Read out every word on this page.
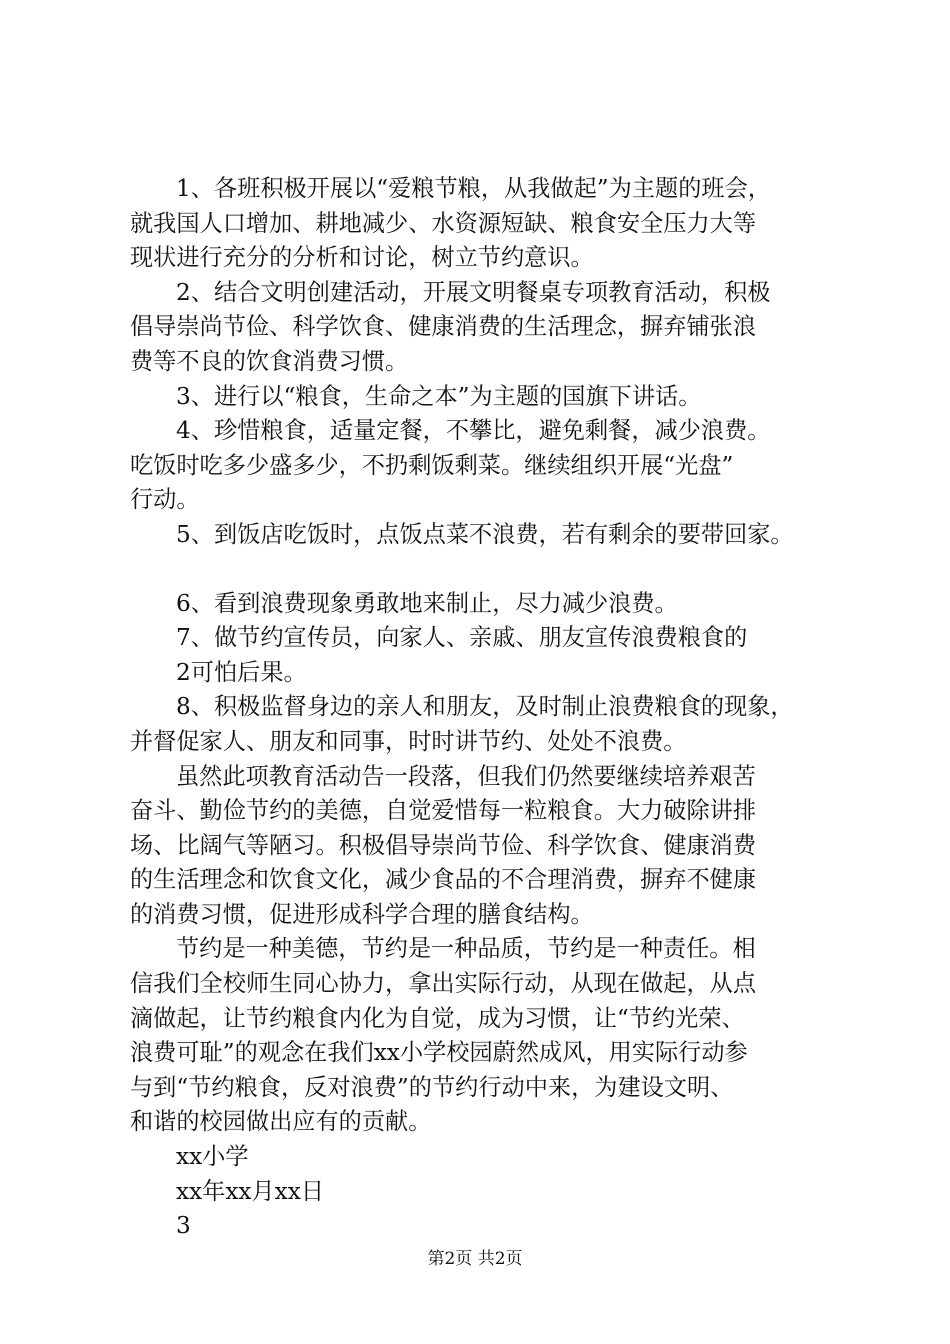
1、各班积极开展以“爱粮节粮，从我做起”为主题的班会，

就我国人口增加、耕地减少、水资源短缺、粮食安全压力大等

现状进行充分的分析和讨论，树立节约意识。

2、结合文明创建活动，开展文明餐桌专项教育活动，积极

倡导崇尚节俭、科学饮食、健康消费的生活理念，摒弃铺张浪

费等不良的饮食消费习惯。

3、进行以“粮食，生命之本”为主题的国旗下讲话。

4、珍惜粮食，适量定餐，不攀比，避免剩餐，减少浪费。

吃饭时吃多少盛多少，不扔剩饭剩菜。继续组织开展“光盘”

行动。

5、到饭店吃饭时，点饭点菜不浪费，若有剩余的要带回家。

6、看到浪费现象勇敢地来制止，尽力减少浪费。

7、做节约宣传员，向家人、亲戚、朋友宣传浪费粮食的

2可怕后果。

8、积极监督身边的亲人和朋友，及时制止浪费粮食的现象，

并督促家人、朋友和同事，时时讲节约、处处不浪费。

虽然此项教育活动告一段落，但我们仍然要继续培养艰苦

奋斗、勤俭节约的美德，自觉爱惜每一粒粮食。大力破除讲排

场、比阔气等陋习。积极倡导崇尚节俭、科学饮食、健康消费

的生活理念和饮食文化，减少食品的不合理消费，摒弃不健康

的消费习惯，促进形成科学合理的膳食结构。

节约是一种美德，节约是一种品质，节约是一种责任。相

信我们全校师生同心协力，拿出实际行动，从现在做起，从点

滴做起，让节约粮食内化为自觉，成为习惯，让“节约光荣、

浪费可耻”的观念在我们xx小学校园蔚然成风，用实际行动参

与到“节约粮食，反对浪费”的节约行动中来，为建设文明、

和谐的校园做出应有的贡献。

xx小学

xx年xx月xx日

3

第2页 共2页
